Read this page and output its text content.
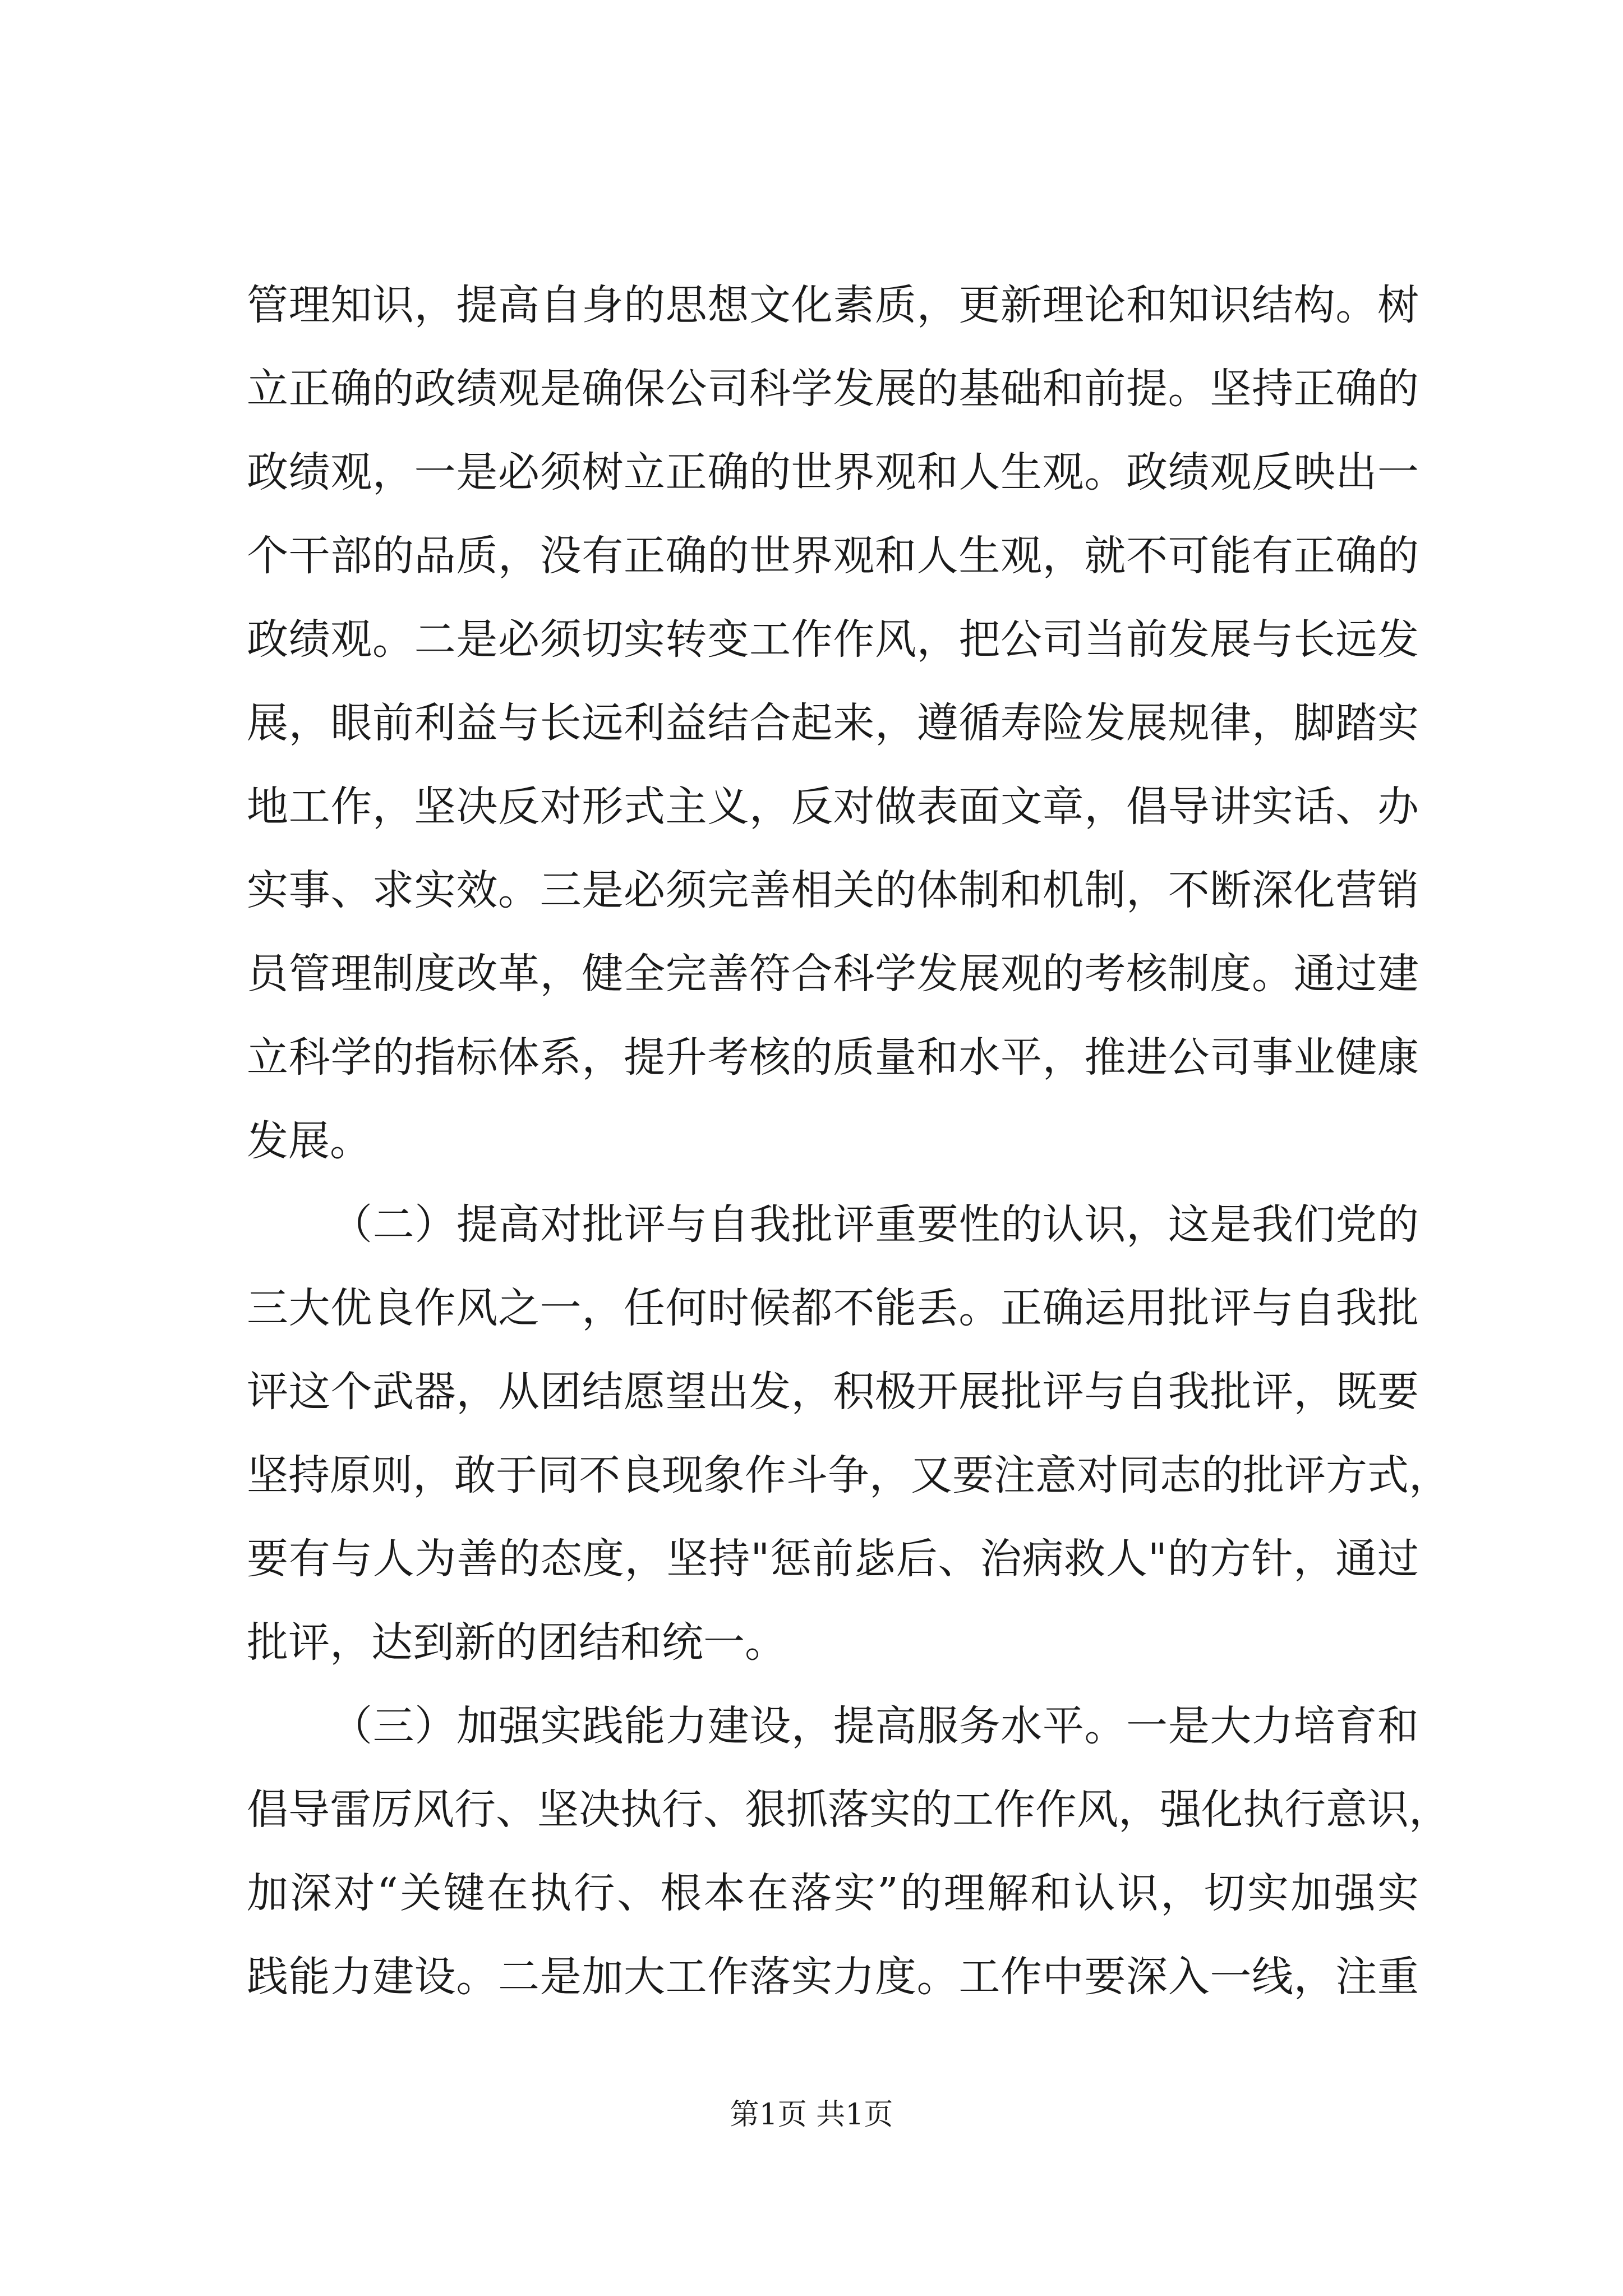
管理知识，提高自身的思想文化素质，更新理论和知识结构。树
立正确的政绩观是确保公司科学发展的基础和前提。坚持正确的
政绩观，一是必须树立正确的世界观和人生观。政绩观反映出一
个干部的品质，没有正确的世界观和人生观，就不可能有正确的
政绩观。二是必须切实转变工作作风，把公司当前发展与长远发
展，眼前利益与长远利益结合起来，遵循寿险发展规律，脚踏实
地工作，坚决反对形式主义，反对做表面文章，倡导讲实话、办
实事、求实效。三是必须完善相关的体制和机制，不断深化营销
员管理制度改革，健全完善符合科学发展观的考核制度。通过建
立科学的指标体系，提升考核的质量和水平，推进公司事业健康
发展。
（二）提高对批评与自我批评重要性的认识，这是我们党的
三大优良作风之一，任何时候都不能丢。正确运用批评与自我批
评这个武器，从团结愿望出发，积极开展批评与自我批评，既要
坚持原则，敢于同不良现象作斗争，又要注意对同志的批评方式，
要有与人为善的态度，坚持"惩前毖后、治病救人"的方针，通过
批评，达到新的团结和统一。
（三）加强实践能力建设，提高服务水平。一是大力培育和
倡导雷厉风行、坚决执行、狠抓落实的工作作风，强化执行意识，
加深对“关键在执行、根本在落实”的理解和认识，切实加强实
践能力建设。二是加大工作落实力度。工作中要深入一线，注重
第1页 共1页
